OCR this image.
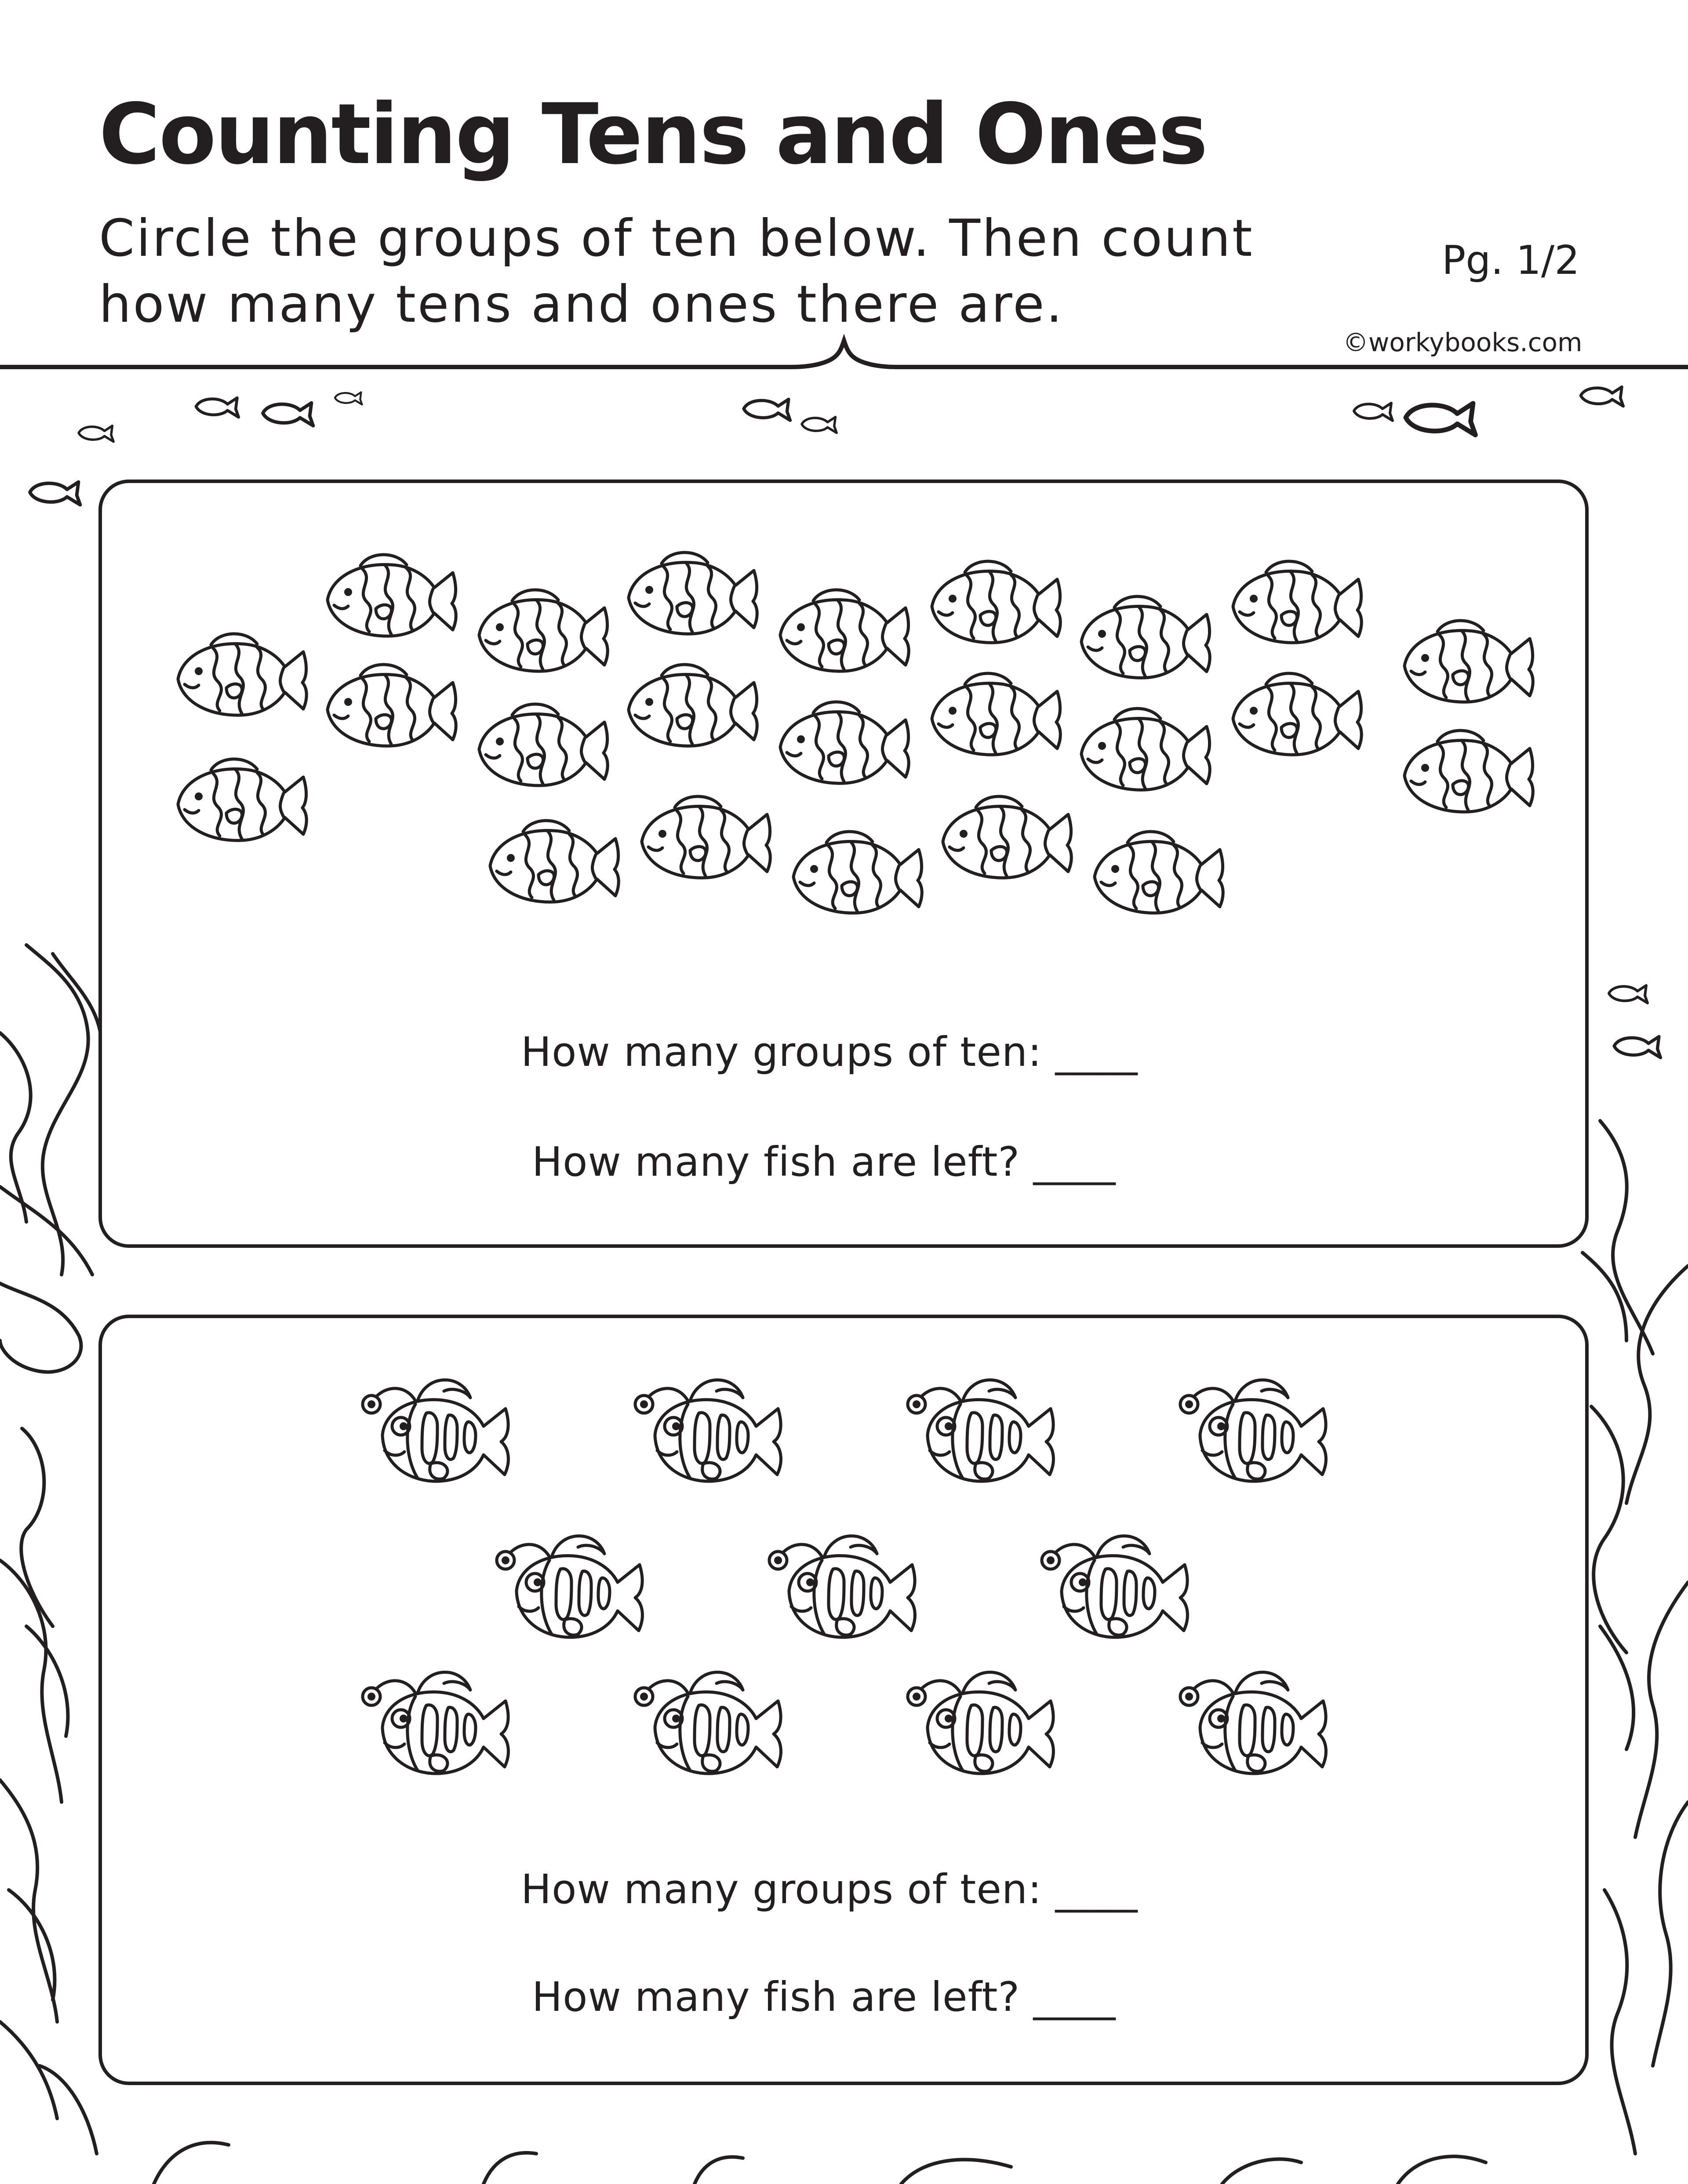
Counting Tens and Ones
Circle the groups of ten below. Then count
how many tens and ones there are.
Pg. 1/2
©workybooks.com
How many groups of ten: ____
How many fish are left? ____
How many groups of ten: ____
How many fish are left? ____
